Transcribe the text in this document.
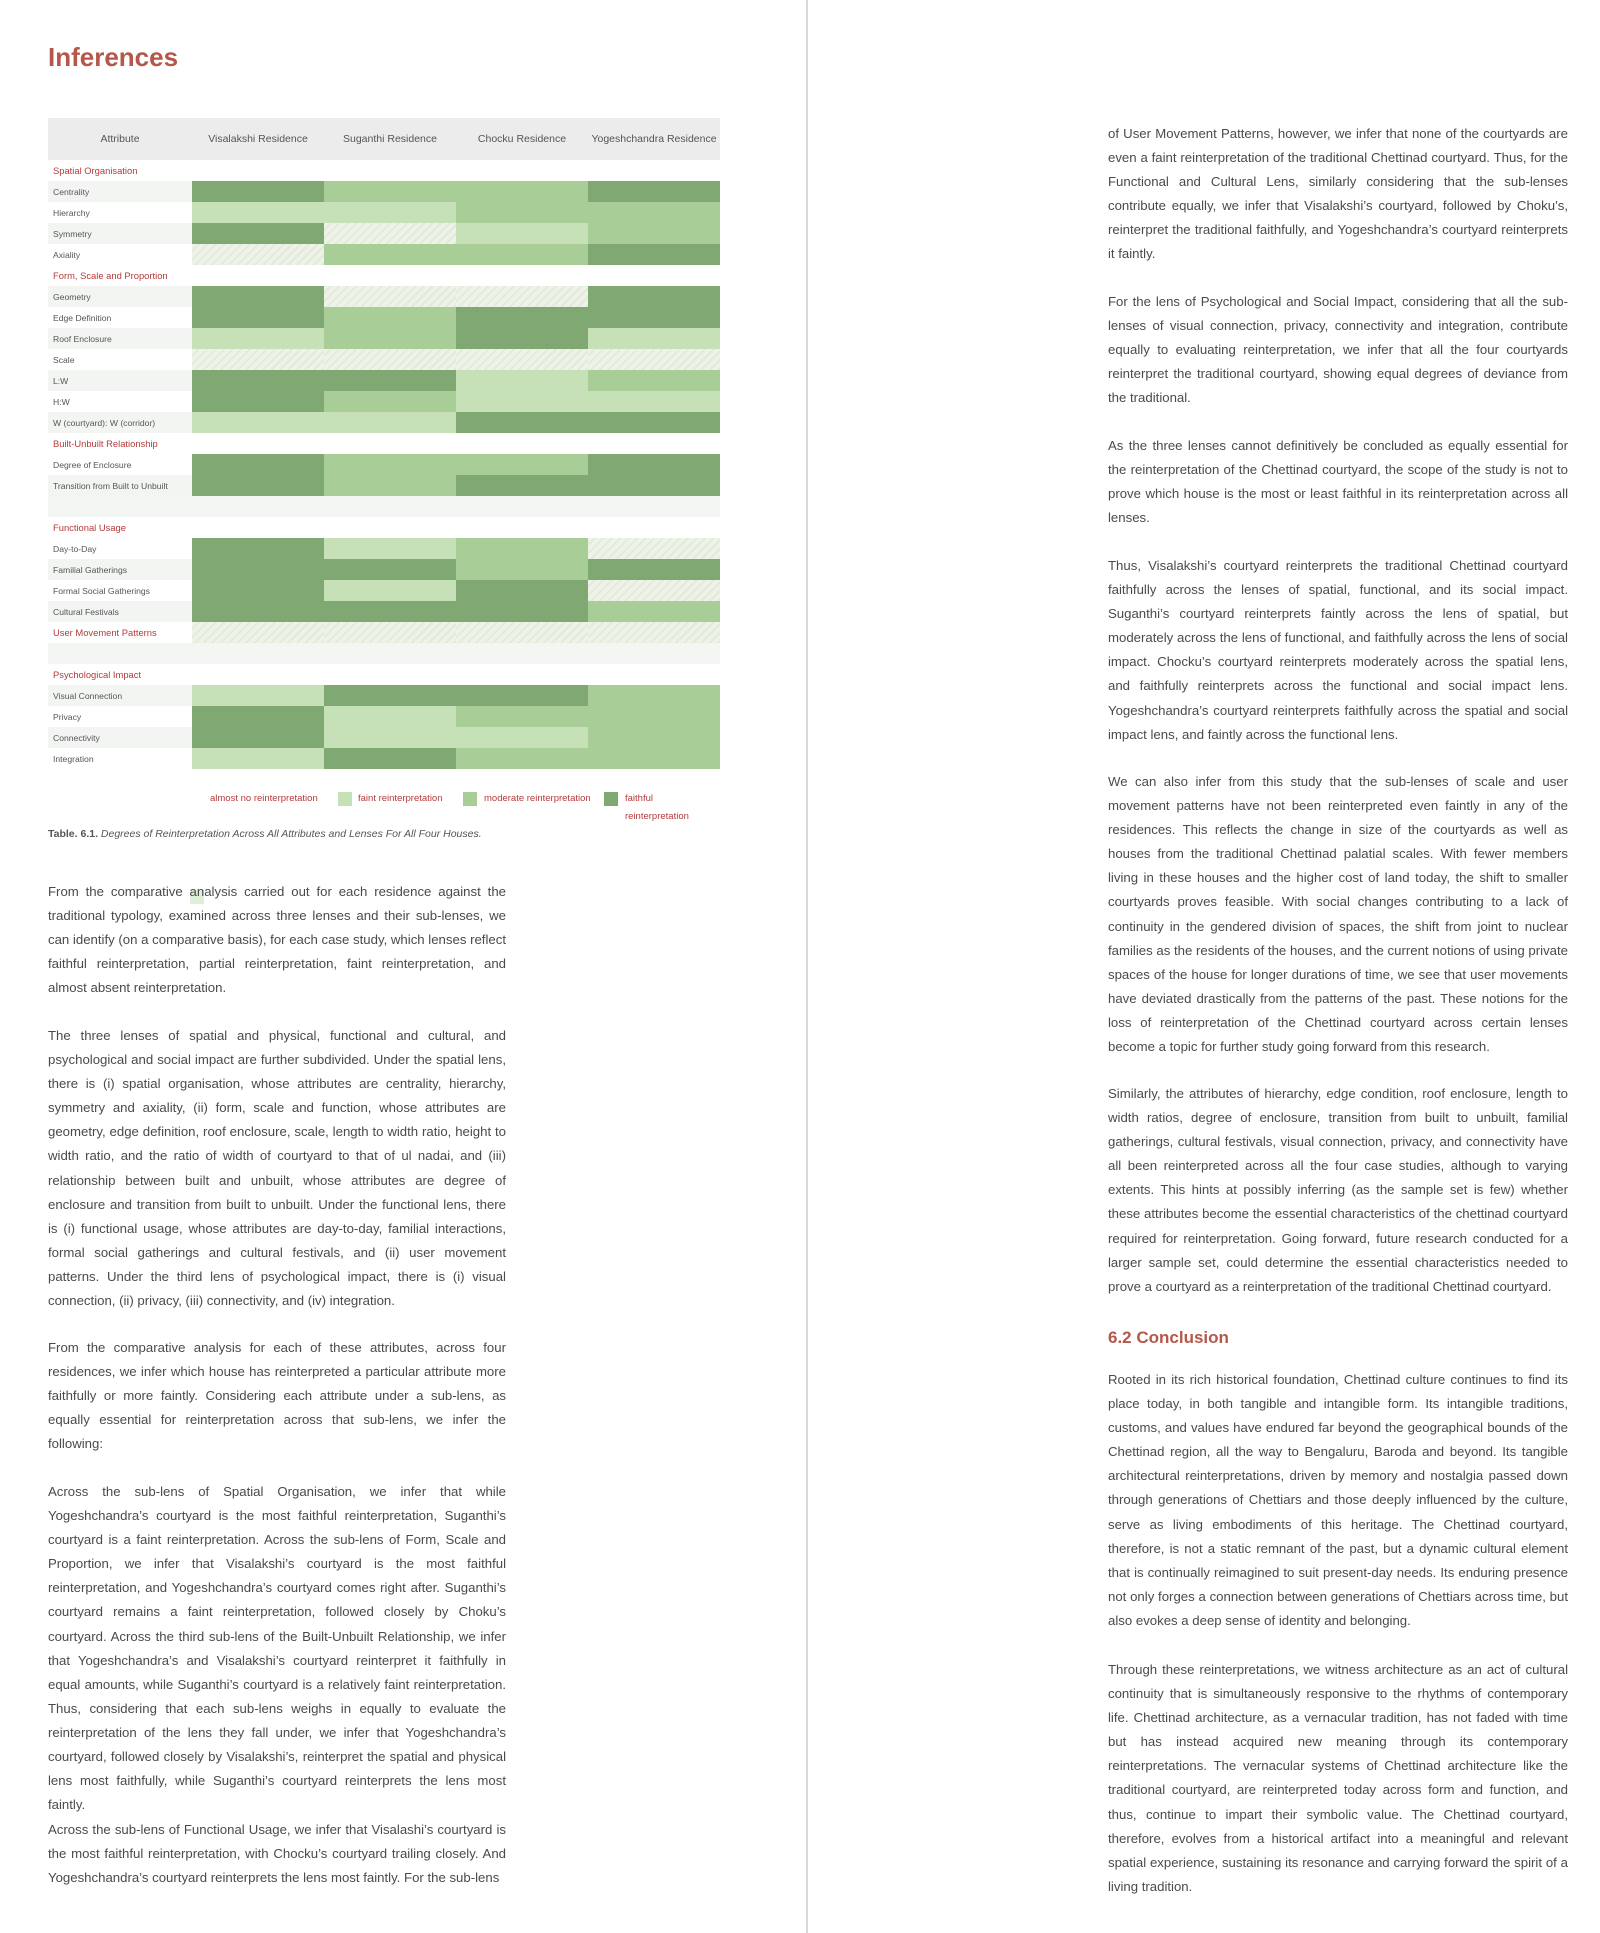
Inferences
Attribute	Visalakshi Residence	Suganthi Residence	Chocku Residence	Yogeshchandra Residence
Spatial Organisation				
Centrality				
Hierarchy				
Symmetry				
Axiality				
Form, Scale and Proportion				
Geometry				
Edge Definition				
Roof Enclosure				
Scale				
L:W				
H:W				
W (courtyard): W (corridor)				
Built-Unbuilt Relationship				
Degree of Enclosure				
Transition from Built to Unbuilt				

Functional Usage				
Day-to-Day				
Familial Gatherings				
Formal Social Gatherings				
Cultural Festivals				
User Movement Patterns				

Psychological Impact				
Visual Connection				
Privacy				
Connectivity				
Integration				
almost no reinterpretation	faint reinterpretation	moderate reinterpretation	faithful reinterpretation
Table. 6.1. Degrees of Reinterpretation Across All Attributes and Lenses For All Four Houses.

From the comparative analysis carried out for each residence against the traditional typology, examined across three lenses and their sub-lenses, we can identify (on a comparative basis), for each case study, which lenses reflect faithful reinterpretation, partial reinterpretation, faint reinterpretation, and almost absent reinterpretation.

The three lenses of spatial and physical, functional and cultural, and psychological and social impact are further subdivided. Under the spatial lens, there is (i) spatial organisation, whose attributes are centrality, hierarchy, symmetry and axiality, (ii) form, scale and function, whose attributes are geometry, edge definition, roof enclosure, scale, length to width ratio, height to width ratio, and the ratio of width of courtyard to that of ul nadai, and (iii) relationship between built and unbuilt, whose attributes are degree of enclosure and transition from built to unbuilt. Under the functional lens, there is (i) functional usage, whose attributes are day-to-day, familial interactions, formal social gatherings and cultural festivals, and (ii) user movement patterns. Under the third lens of psychological impact, there is (i) visual connection, (ii) privacy, (iii) connectivity, and (iv) integration.

From the comparative analysis for each of these attributes, across four residences, we infer which house has reinterpreted a particular attribute more faithfully or more faintly. Considering each attribute under a sub-lens, as equally essential for reinterpretation across that sub-lens, we infer the following:

Across the sub-lens of Spatial Organisation, we infer that while Yogeshchandra’s courtyard is the most faithful reinterpretation, Suganthi’s courtyard is a faint reinterpretation. Across the sub-lens of Form, Scale and Proportion, we infer that Visalakshi’s courtyard is the most faithful reinterpretation, and Yogeshchandra’s courtyard comes right after. Suganthi’s courtyard remains a faint reinterpretation, followed closely by Choku’s courtyard. Across the third sub-lens of the Built-Unbuilt Relationship, we infer that Yogeshchandra’s and Visalakshi’s courtyard reinterpret it faithfully in equal amounts, while Suganthi’s courtyard is a relatively faint reinterpretation. Thus, considering that each sub-lens weighs in equally to evaluate the reinterpretation of the lens they fall under, we infer that Yogeshchandra’s courtyard, followed closely by Visalakshi’s, reinterpret the spatial and physical lens most faithfully, while Suganthi’s courtyard reinterprets the lens most faintly.

Across the sub-lens of Functional Usage, we infer that Visalashi’s courtyard is the most faithful reinterpretation, with Chocku’s courtyard trailing closely. And Yogeshchandra’s courtyard reinterprets the lens most faintly. For the sub-lens

of User Movement Patterns, however, we infer that none of the courtyards are even a faint reinterpretation of the traditional Chettinad courtyard. Thus, for the Functional and Cultural Lens, similarly considering that the sub-lenses contribute equally, we infer that Visalakshi’s courtyard, followed by Choku’s, reinterpret the traditional faithfully, and Yogeshchandra’s courtyard reinterprets it faintly.

For the lens of Psychological and Social Impact, considering that all the sub-lenses of visual connection, privacy, connectivity and integration, contribute equally to evaluating reinterpretation, we infer that all the four courtyards reinterpret the traditional courtyard, showing equal degrees of deviance from the traditional.

As the three lenses cannot definitively be concluded as equally essential for the reinterpretation of the Chettinad courtyard, the scope of the study is not to prove which house is the most or least faithful in its reinterpretation across all lenses.

Thus, Visalakshi’s courtyard reinterprets the traditional Chettinad courtyard faithfully across the lenses of spatial, functional, and its social impact. Suganthi’s courtyard reinterprets faintly across the lens of spatial, but moderately across the lens of functional, and faithfully across the lens of social impact. Chocku’s courtyard reinterprets moderately across the spatial lens, and faithfully reinterprets across the functional and social impact lens. Yogeshchandra’s courtyard reinterprets faithfully across the spatial and social impact lens, and faintly across the functional lens.

We can also infer from this study that the sub-lenses of scale and user movement patterns have not been reinterpreted even faintly in any of the residences. This reflects the change in size of the courtyards as well as houses from the traditional Chettinad palatial scales. With fewer members living in these houses and the higher cost of land today, the shift to smaller courtyards proves feasible. With social changes contributing to a lack of continuity in the gendered division of spaces, the shift from joint to nuclear families as the residents of the houses, and the current notions of using private spaces of the house for longer durations of time, we see that user movements have deviated drastically from the patterns of the past. These notions for the loss of reinterpretation of the Chettinad courtyard across certain lenses become a topic for further study going forward from this research.

Similarly, the attributes of hierarchy, edge condition, roof enclosure, length to width ratios, degree of enclosure, transition from built to unbuilt, familial gatherings, cultural festivals, visual connection, privacy, and connectivity have all been reinterpreted across all the four case studies, although to varying extents. This hints at possibly inferring (as the sample set is few) whether these attributes become the essential characteristics of the chettinad courtyard required for reinterpretation. Going forward, future research conducted for a larger sample set, could determine the essential characteristics needed to prove a courtyard as a reinterpretation of the traditional Chettinad courtyard.

6.2 Conclusion

Rooted in its rich historical foundation, Chettinad culture continues to find its place today, in both tangible and intangible form. Its intangible traditions, customs, and values have endured far beyond the geographical bounds of the Chettinad region, all the way to Bengaluru, Baroda and beyond. Its tangible architectural reinterpretations, driven by memory and nostalgia passed down through generations of Chettiars and those deeply influenced by the culture, serve as living embodiments of this heritage. The Chettinad courtyard, therefore, is not a static remnant of the past, but a dynamic cultural element that is continually reimagined to suit present-day needs. Its enduring presence not only forges a connection between generations of Chettiars across time, but also evokes a deep sense of identity and belonging.

Through these reinterpretations, we witness architecture as an act of cultural continuity that is simultaneously responsive to the rhythms of contemporary life. Chettinad architecture, as a vernacular tradition, has not faded with time but has instead acquired new meaning through its contemporary reinterpretations. The vernacular systems of Chettinad architecture like the traditional courtyard, are reinterpreted today across form and function, and thus, continue to impart their symbolic value. The Chettinad courtyard, therefore, evolves from a historical artifact into a meaningful and relevant spatial experience, sustaining its resonance and carrying forward the spirit of a living tradition.
